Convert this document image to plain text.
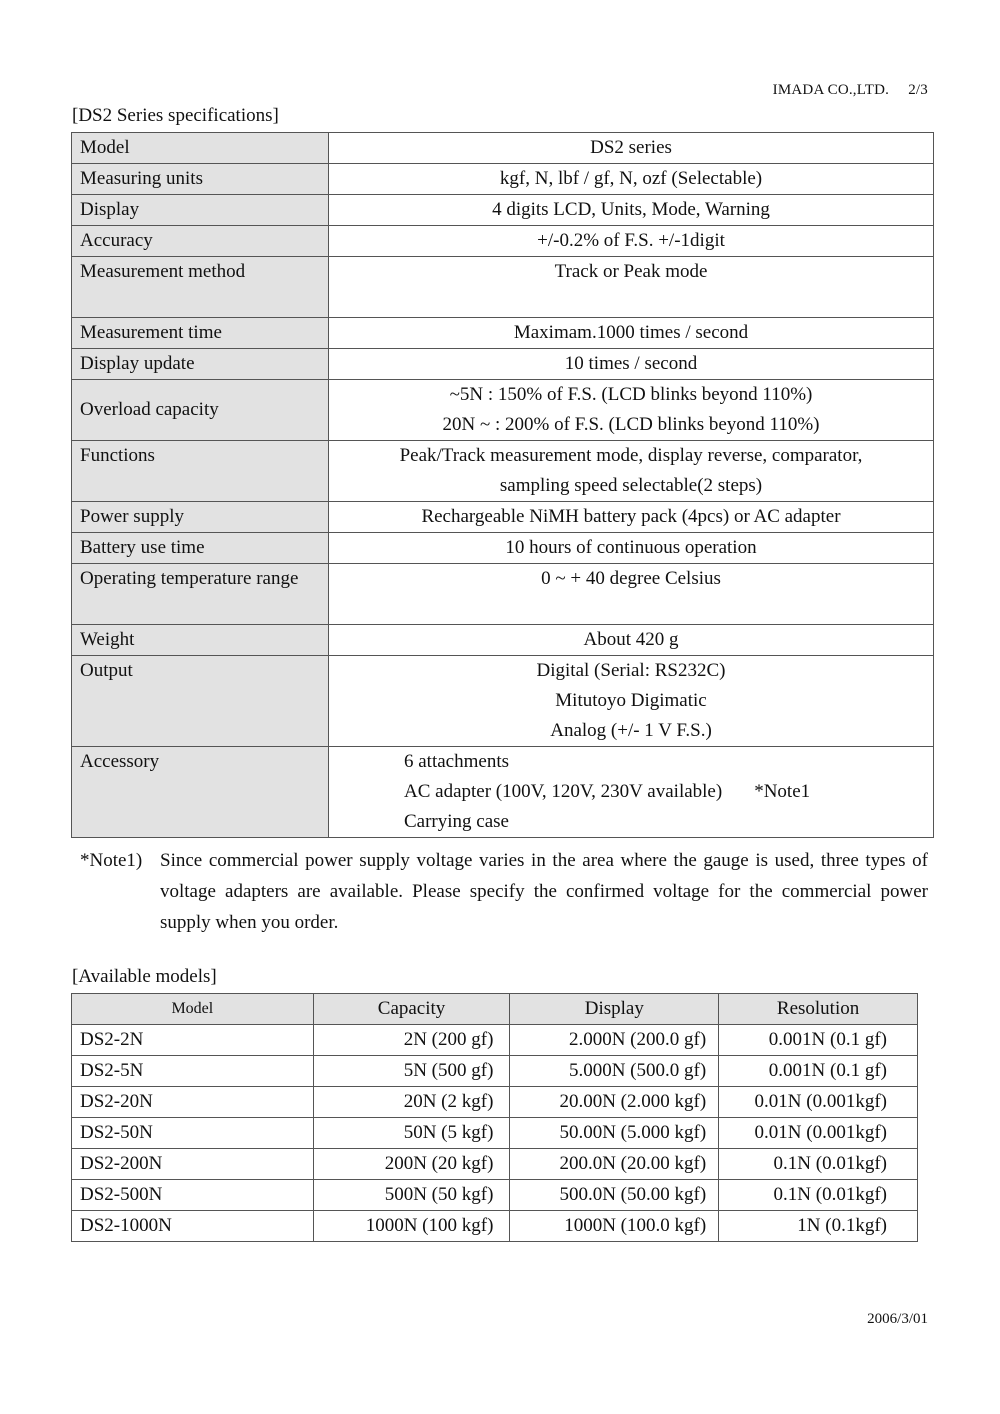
IMADA CO.,LTD.　 2/3
[DS2 Series specifications]
Model	DS2 series

Measuring units	kgf, N, lbf / gf, N, ozf (Selectable)

Display	4 digits LCD, Units, Mode, Warning

Accuracy	+/-0.2% of F.S. +/-1digit

Measurement method	Track or Peak mode

Measurement time	Maximam.1000 times / second

Display update	10 times / second

Overload capacity	~5N : 150% of F.S. (LCD blinks beyond 110%)
20N ~ : 200% of F.S. (LCD blinks beyond 110%)

Functions	Peak/Track measurement mode, display reverse, comparator,
sampling speed selectable(2 steps)

Power supply	Rechargeable NiMH battery pack (4pcs) or AC adapter

Battery use time	10 hours of continuous operation

Operating temperature range	0 ~ + 40 degree Celsius

Weight	About 420 g

Output	Digital (Serial: RS232C)
Mitutoyo Digimatic
Analog (+/- 1 V F.S.)

Accessory	6 attachments
AC adapter (100V, 120V, 230V available) *Note1
Carrying case
*Note1) Since commercial power supply voltage varies in the area where the gauge is used, three types of voltage adapters are available. Please specify the confirmed voltage for the commercial power supply when you order.
[Available models]
Model	Capacity	Display	Resolution
DS2-2N	2N (200 gf)	2.000N (200.0 gf)	0.001N (0.1 gf)
DS2-5N	5N (500 gf)	5.000N (500.0 gf)	0.001N (0.1 gf)
DS2-20N	20N (2 kgf)	20.00N (2.000 kgf)	0.01N (0.001kgf)
DS2-50N	50N (5 kgf)	50.00N (5.000 kgf)	0.01N (0.001kgf)
DS2-200N	200N (20 kgf)	200.0N (20.00 kgf)	0.1N (0.01kgf)
DS2-500N	500N (50 kgf)	500.0N (50.00 kgf)	0.1N (0.01kgf)
DS2-1000N	1000N (100 kgf)	1000N (100.0 kgf)	1N (0.1kgf)
2006/3/01
